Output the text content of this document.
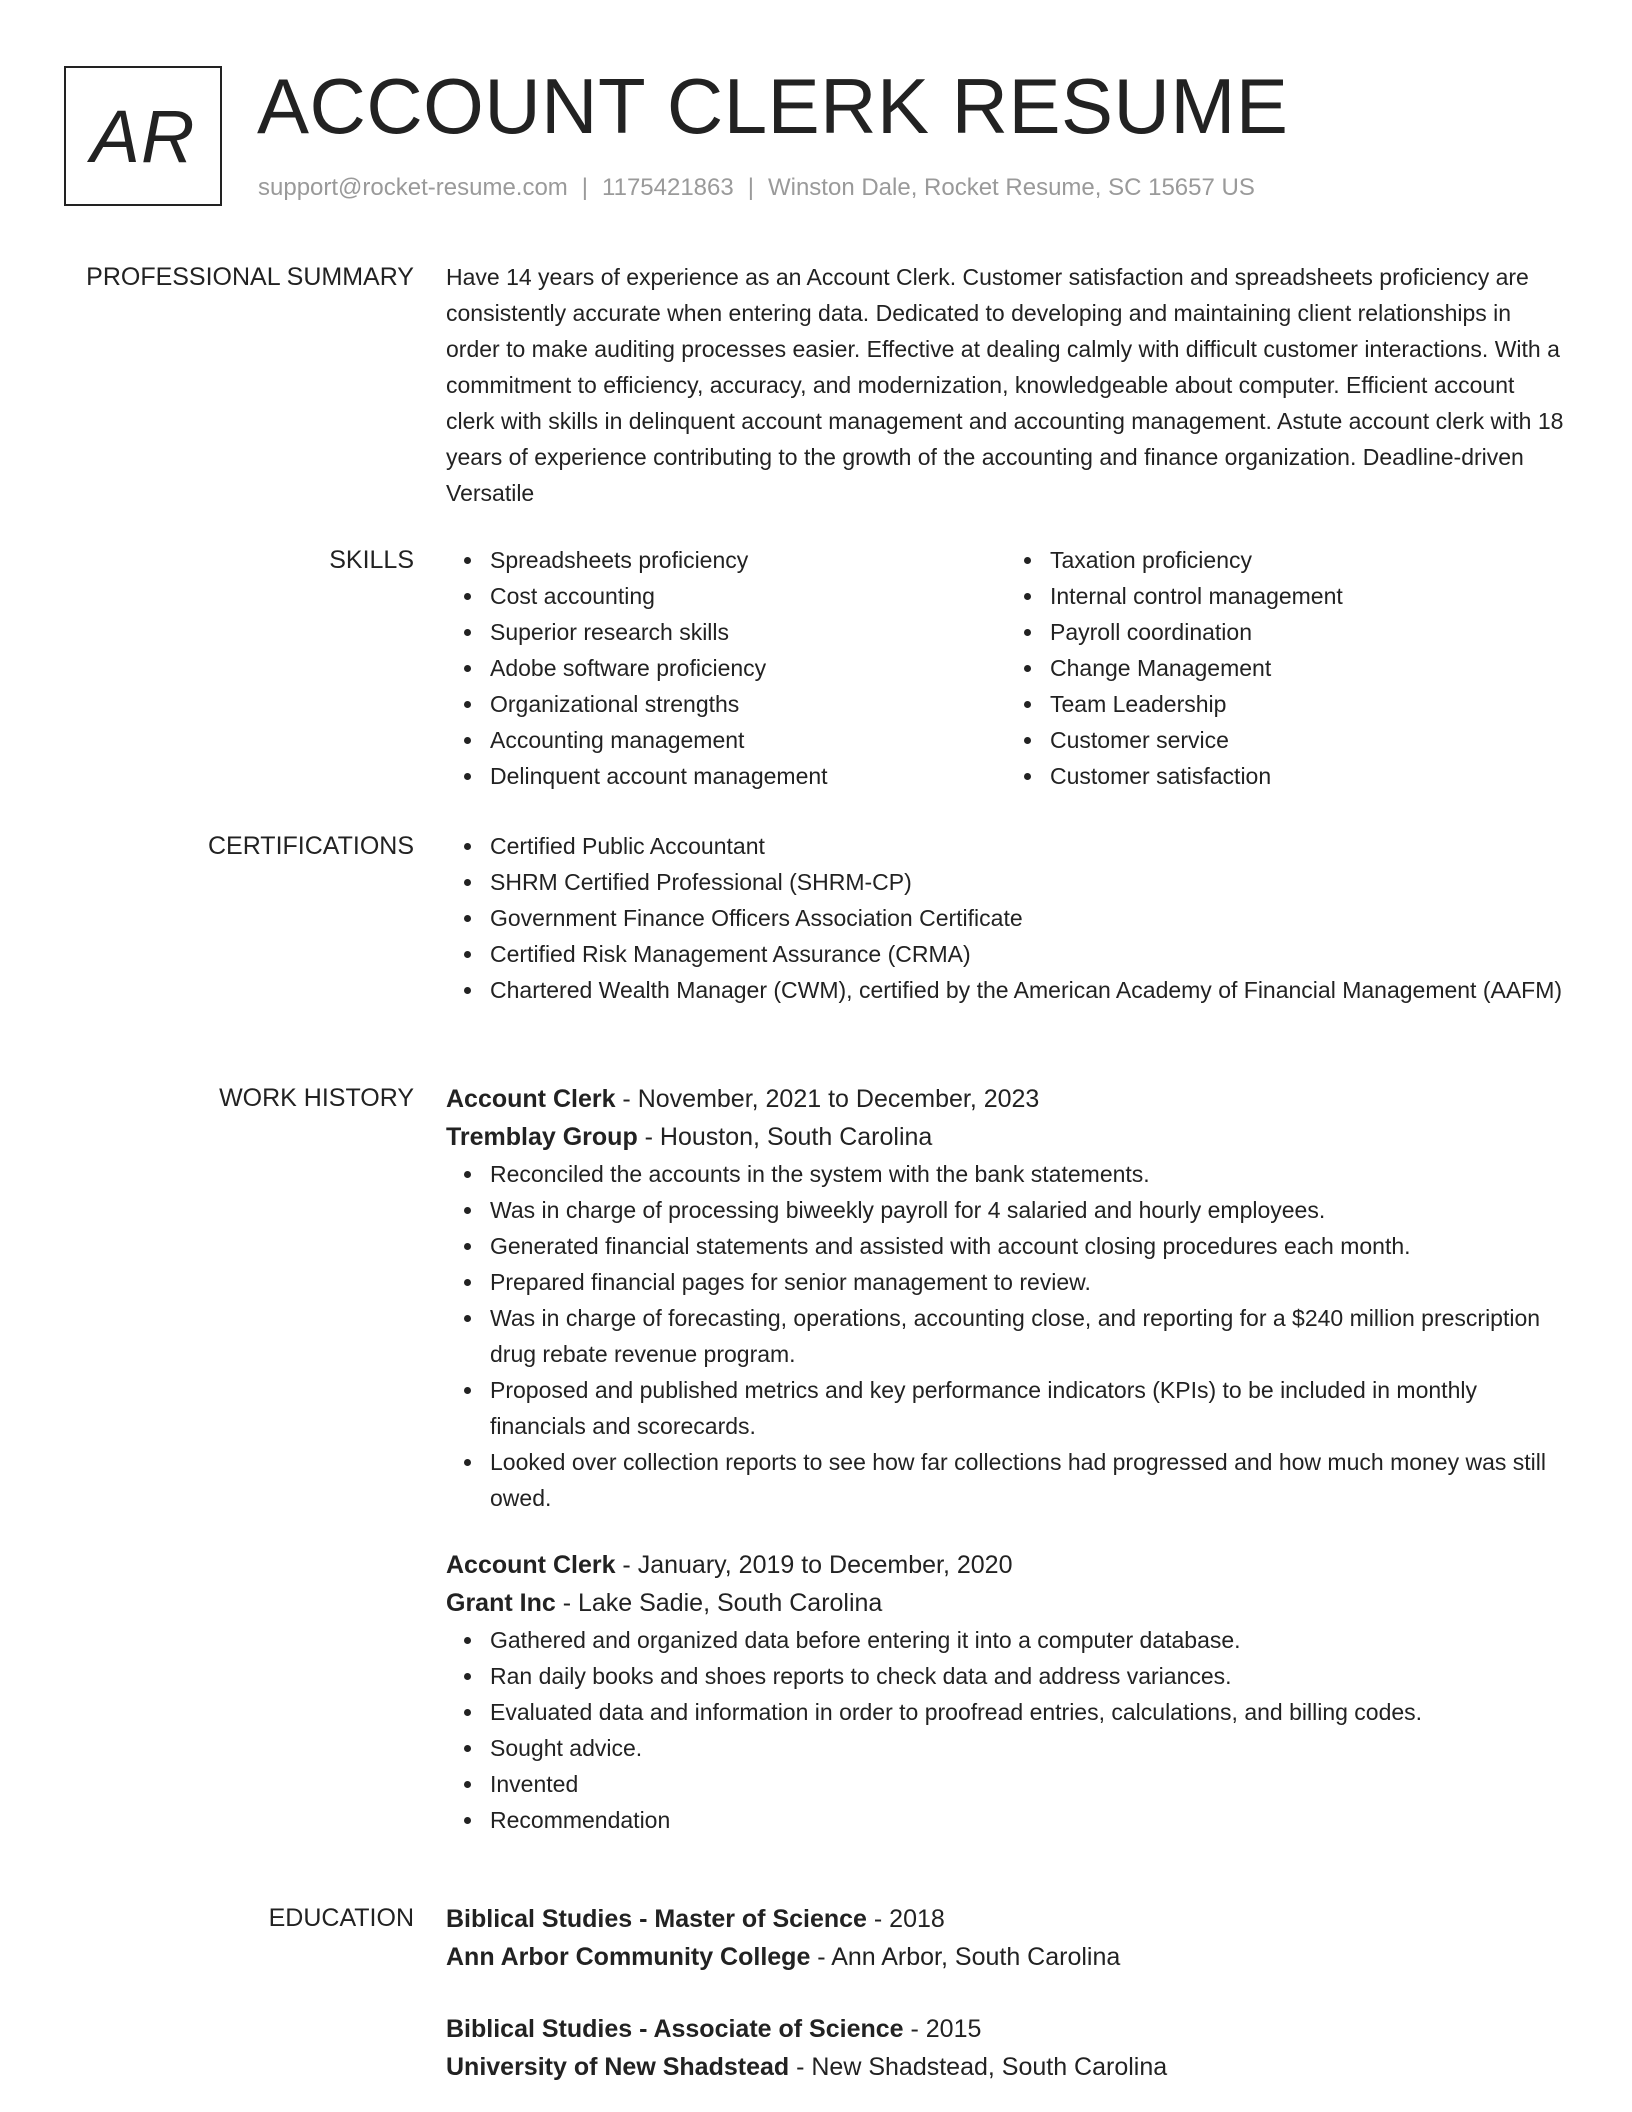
AR ACCOUNT CLERK RESUME
support@rocket-resume.com | 1175421863 | Winston Dale, Rocket Resume, SC 15657 US
PROFESSIONAL SUMMARY Have 14 years of experience as an Account Clerk. Customer satisfaction and spreadsheets proficiency are consistently accurate when entering data. Dedicated to developing and maintaining client relationships in order to make auditing processes easier. Effective at dealing calmly with difficult customer interactions. With a commitment to efficiency, accuracy, and modernization, knowledgeable about computer. Efficient account clerk with skills in delinquent account management and accounting management. Astute account clerk with 18 years of experience contributing to the growth of the accounting and finance organization. Deadline-driven Versatile
SKILLS	Spreadsheets proficiency
Cost accounting
Superior research skills
Adobe software proficiency
Organizational strengths
Accounting management
Delinquent account management
Taxation proficiency
Internal control management
Payroll coordination
Change Management
Team Leadership
Customer service
Customer satisfaction
CERTIFICATIONS	Certified Public Accountant
SHRM Certified Professional (SHRM-CP)
Government Finance Officers Association Certificate
Certified Risk Management Assurance (CRMA)
Chartered Wealth Manager (CWM), certified by the American Academy of Financial Management (AAFM)
WORK HISTORY Account Clerk - November, 2021 to December, 2023
Tremblay Group - Houston, South Carolina
Reconciled the accounts in the system with the bank statements.
Was in charge of processing biweekly payroll for 4 salaried and hourly employees.
Generated financial statements and assisted with account closing procedures each month.
Prepared financial pages for senior management to review.
Was in charge of forecasting, operations, accounting close, and reporting for a $240 million prescription drug rebate revenue program.
Proposed and published metrics and key performance indicators (KPIs) to be included in monthly financials and scorecards.
Looked over collection reports to see how far collections had progressed and how much money was still owed.
Account Clerk - January, 2019 to December, 2020
Grant Inc - Lake Sadie, South Carolina
Gathered and organized data before entering it into a computer database.
Ran daily books and shoes reports to check data and address variances.
Evaluated data and information in order to proofread entries, calculations, and billing codes.
Sought advice.
Invented
Recommendation
EDUCATION Biblical Studies - Master of Science - 2018
Ann Arbor Community College - Ann Arbor, South Carolina
Biblical Studies - Associate of Science - 2015
University of New Shadstead - New Shadstead, South Carolina
